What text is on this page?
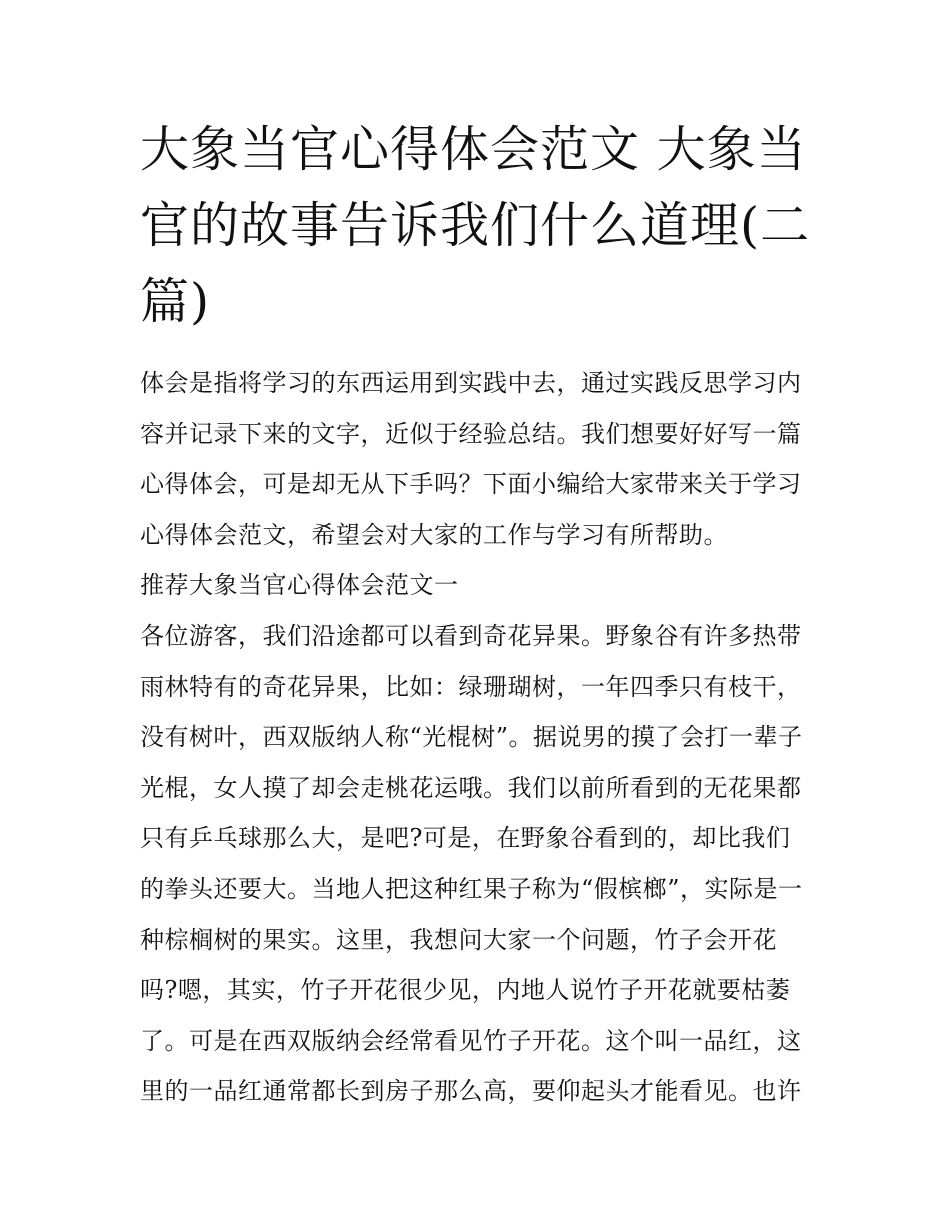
大象当官心得体会范文 大象当
官的故事告诉我们什么道理(二
篇)
体会是指将学习的东西运用到实践中去，通过实践反思学习内
容并记录下来的文字，近似于经验总结。我们想要好好写一篇
心得体会，可是却无从下手吗？下面小编给大家带来关于学习
心得体会范文，希望会对大家的工作与学习有所帮助。
推荐大象当官心得体会范文一
各位游客，我们沿途都可以看到奇花异果。野象谷有许多热带
雨林特有的奇花异果，比如：绿珊瑚树，一年四季只有枝干，
没有树叶，西双版纳人称“光棍树”。据说男的摸了会打一辈子
光棍，女人摸了却会走桃花运哦。我们以前所看到的无花果都
只有乒乓球那么大，是吧?可是，在野象谷看到的，却比我们
的拳头还要大。当地人把这种红果子称为“假槟榔”，实际是一
种棕榈树的果实。这里，我想问大家一个问题，竹子会开花
吗?嗯，其实，竹子开花很少见，内地人说竹子开花就要枯萎
了。可是在西双版纳会经常看见竹子开花。这个叫一品红，这
里的一品红通常都长到房子那么高，要仰起头才能看见。也许
